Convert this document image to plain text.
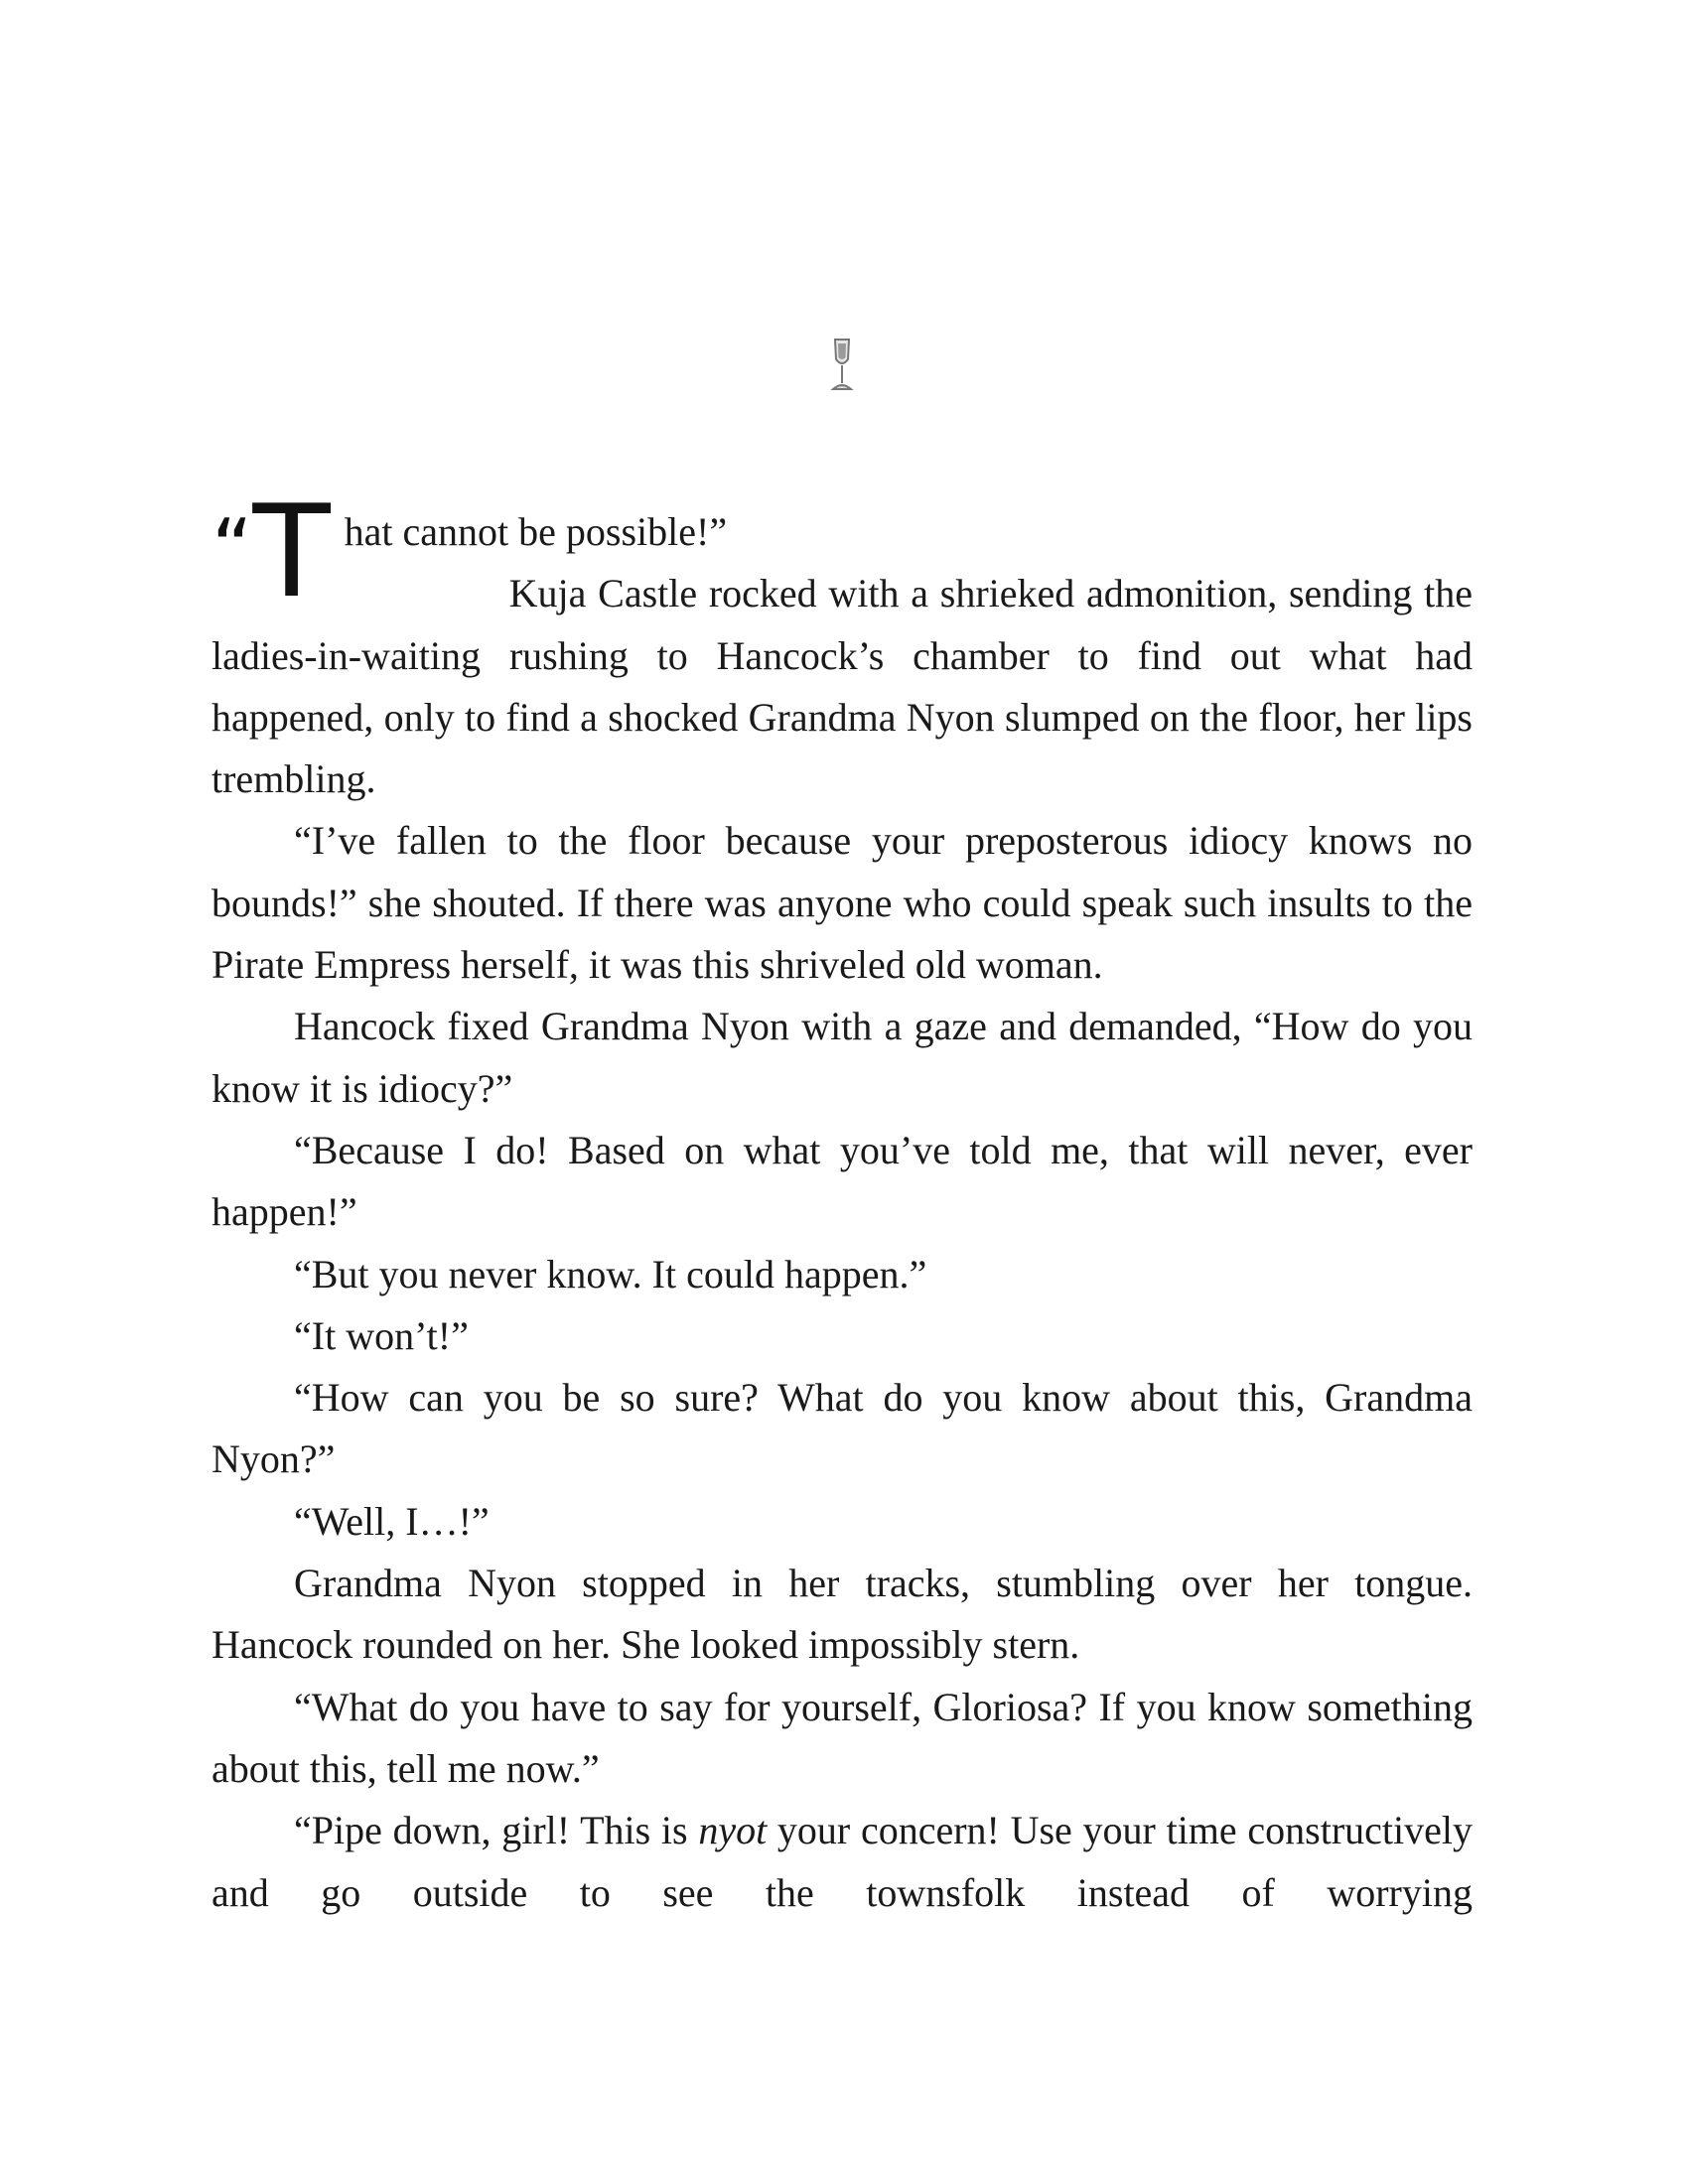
“T hat cannot be possible!”

Kuja Castle rocked with a shrieked admonition, sending the ladies-in-waiting rushing to Hancock’s chamber to find out what had happened, only to find a shocked Grandma Nyon slumped on the floor, her lips trembling.

“I’ve fallen to the floor because your preposterous idiocy knows no bounds!” she shouted. If there was anyone who could speak such insults to the Pirate Empress herself, it was this shriveled old woman.

Hancock fixed Grandma Nyon with a gaze and demanded, “How do you know it is idiocy?”

“Because I do! Based on what you’ve told me, that will never, ever happen!”

“But you never know. It could happen.”

“It won’t!”

“How can you be so sure? What do you know about this, Grandma Nyon?”

“Well, I…!”

Grandma Nyon stopped in her tracks, stumbling over her tongue. Hancock rounded on her. She looked impossibly stern.

“What do you have to say for yourself, Gloriosa? If you know something about this, tell me now.”

“Pipe down, girl! This is nyot your concern! Use your time constructively and go outside to see the townsfolk instead of worrying
